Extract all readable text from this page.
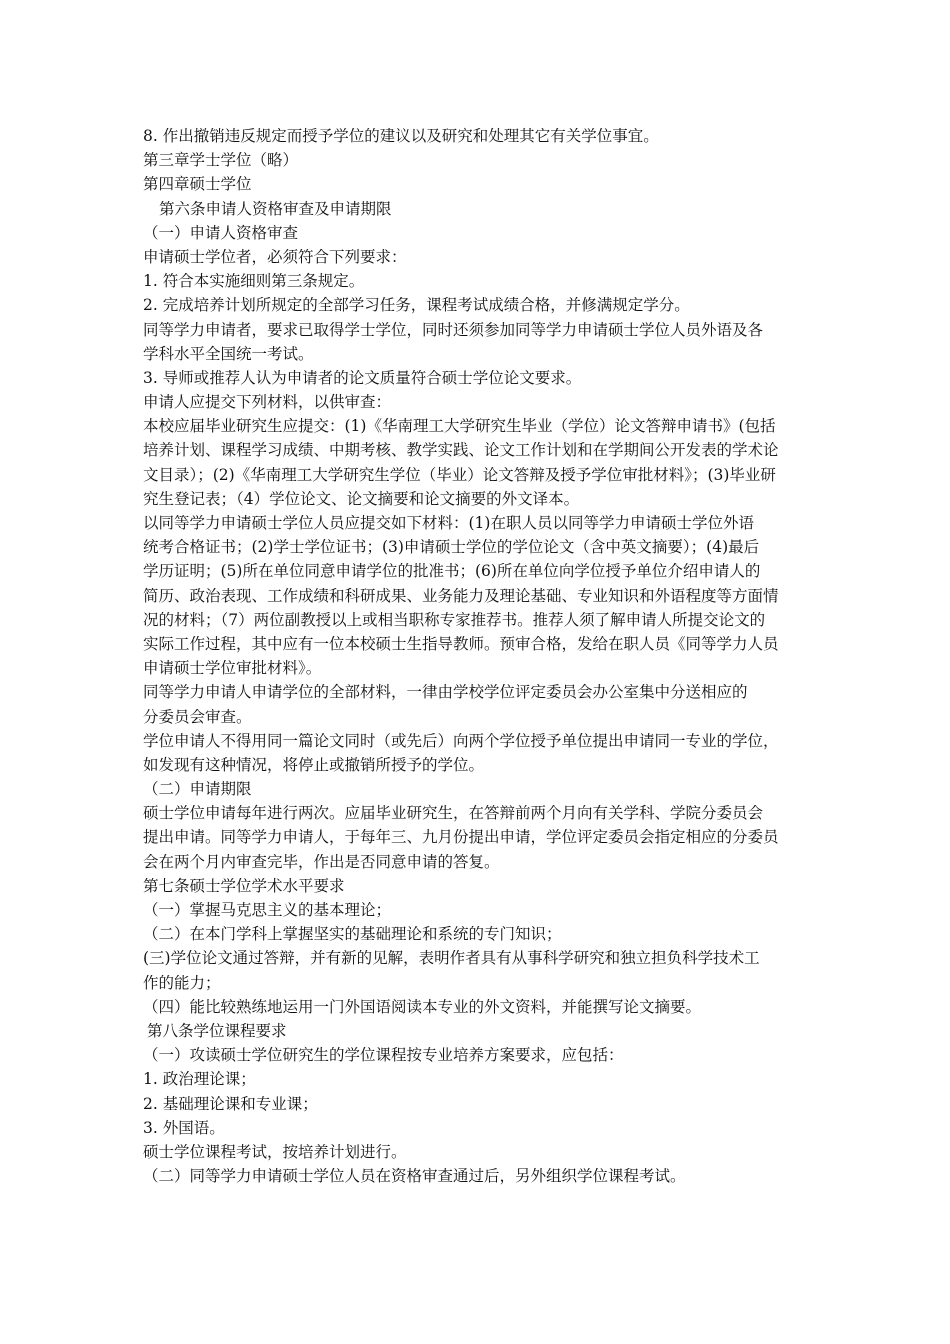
8. 作出撤销违反规定而授予学位的建议以及研究和处理其它有关学位事宜。
第三章学士学位（略）
第四章硕士学位
第六条申请人资格审查及申请期限
（一）申请人资格审查
申请硕士学位者，必须符合下列要求：
1. 符合本实施细则第三条规定。
2. 完成培养计划所规定的全部学习任务，课程考试成绩合格，并修满规定学分。
同等学力申请者，要求已取得学士学位，同时还须参加同等学力申请硕士学位人员外语及各
学科水平全国统一考试。
3. 导师或推荐人认为申请者的论文质量符合硕士学位论文要求。
申请人应提交下列材料，以供审查：
本校应届毕业研究生应提交：(1)《华南理工大学研究生毕业（学位）论文答辩申请书》(包括
培养计划、课程学习成绩、中期考核、教学实践、论文工作计划和在学期间公开发表的学术论
文目录）；(2)《华南理工大学研究生学位（毕业）论文答辩及授予学位审批材料》；(3)毕业研
究生登记表；（4）学位论文、论文摘要和论文摘要的外文译本。
以同等学力申请硕士学位人员应提交如下材料：(1)在职人员以同等学力申请硕士学位外语
统考合格证书；(2)学士学位证书；(3)申请硕士学位的学位论文（含中英文摘要）；(4)最后
学历证明；(5)所在单位同意申请学位的批准书；(6)所在单位向学位授予单位介绍申请人的
简历、政治表现、工作成绩和科研成果、业务能力及理论基础、专业知识和外语程度等方面情
况的材料；（7）两位副教授以上或相当职称专家推荐书。推荐人须了解申请人所提交论文的
实际工作过程，其中应有一位本校硕士生指导教师。预审合格，发给在职人员《同等学力人员
申请硕士学位审批材料》。
同等学力申请人申请学位的全部材料，一律由学校学位评定委员会办公室集中分送相应的
分委员会审查。
学位申请人不得用同一篇论文同时（或先后）向两个学位授予单位提出申请同一专业的学位，
如发现有这种情况，将停止或撤销所授予的学位。
（二）申请期限
硕士学位申请每年进行两次。应届毕业研究生，在答辩前两个月向有关学科、学院分委员会
提出申请。同等学力申请人，于每年三、九月份提出申请，学位评定委员会指定相应的分委员
会在两个月内审查完毕，作出是否同意申请的答复。
第七条硕士学位学术水平要求
（一）掌握马克思主义的基本理论；
（二）在本门学科上掌握坚实的基础理论和系统的专门知识；
(三)学位论文通过答辩，并有新的见解，表明作者具有从事科学研究和独立担负科学技术工
作的能力；
（四）能比较熟练地运用一门外国语阅读本专业的外文资料，并能撰写论文摘要。
第八条学位课程要求
（一）攻读硕士学位研究生的学位课程按专业培养方案要求，应包括：
1. 政治理论课；
2. 基础理论课和专业课；
3. 外国语。
硕士学位课程考试，按培养计划进行。
（二）同等学力申请硕士学位人员在资格审查通过后，另外组织学位课程考试。
